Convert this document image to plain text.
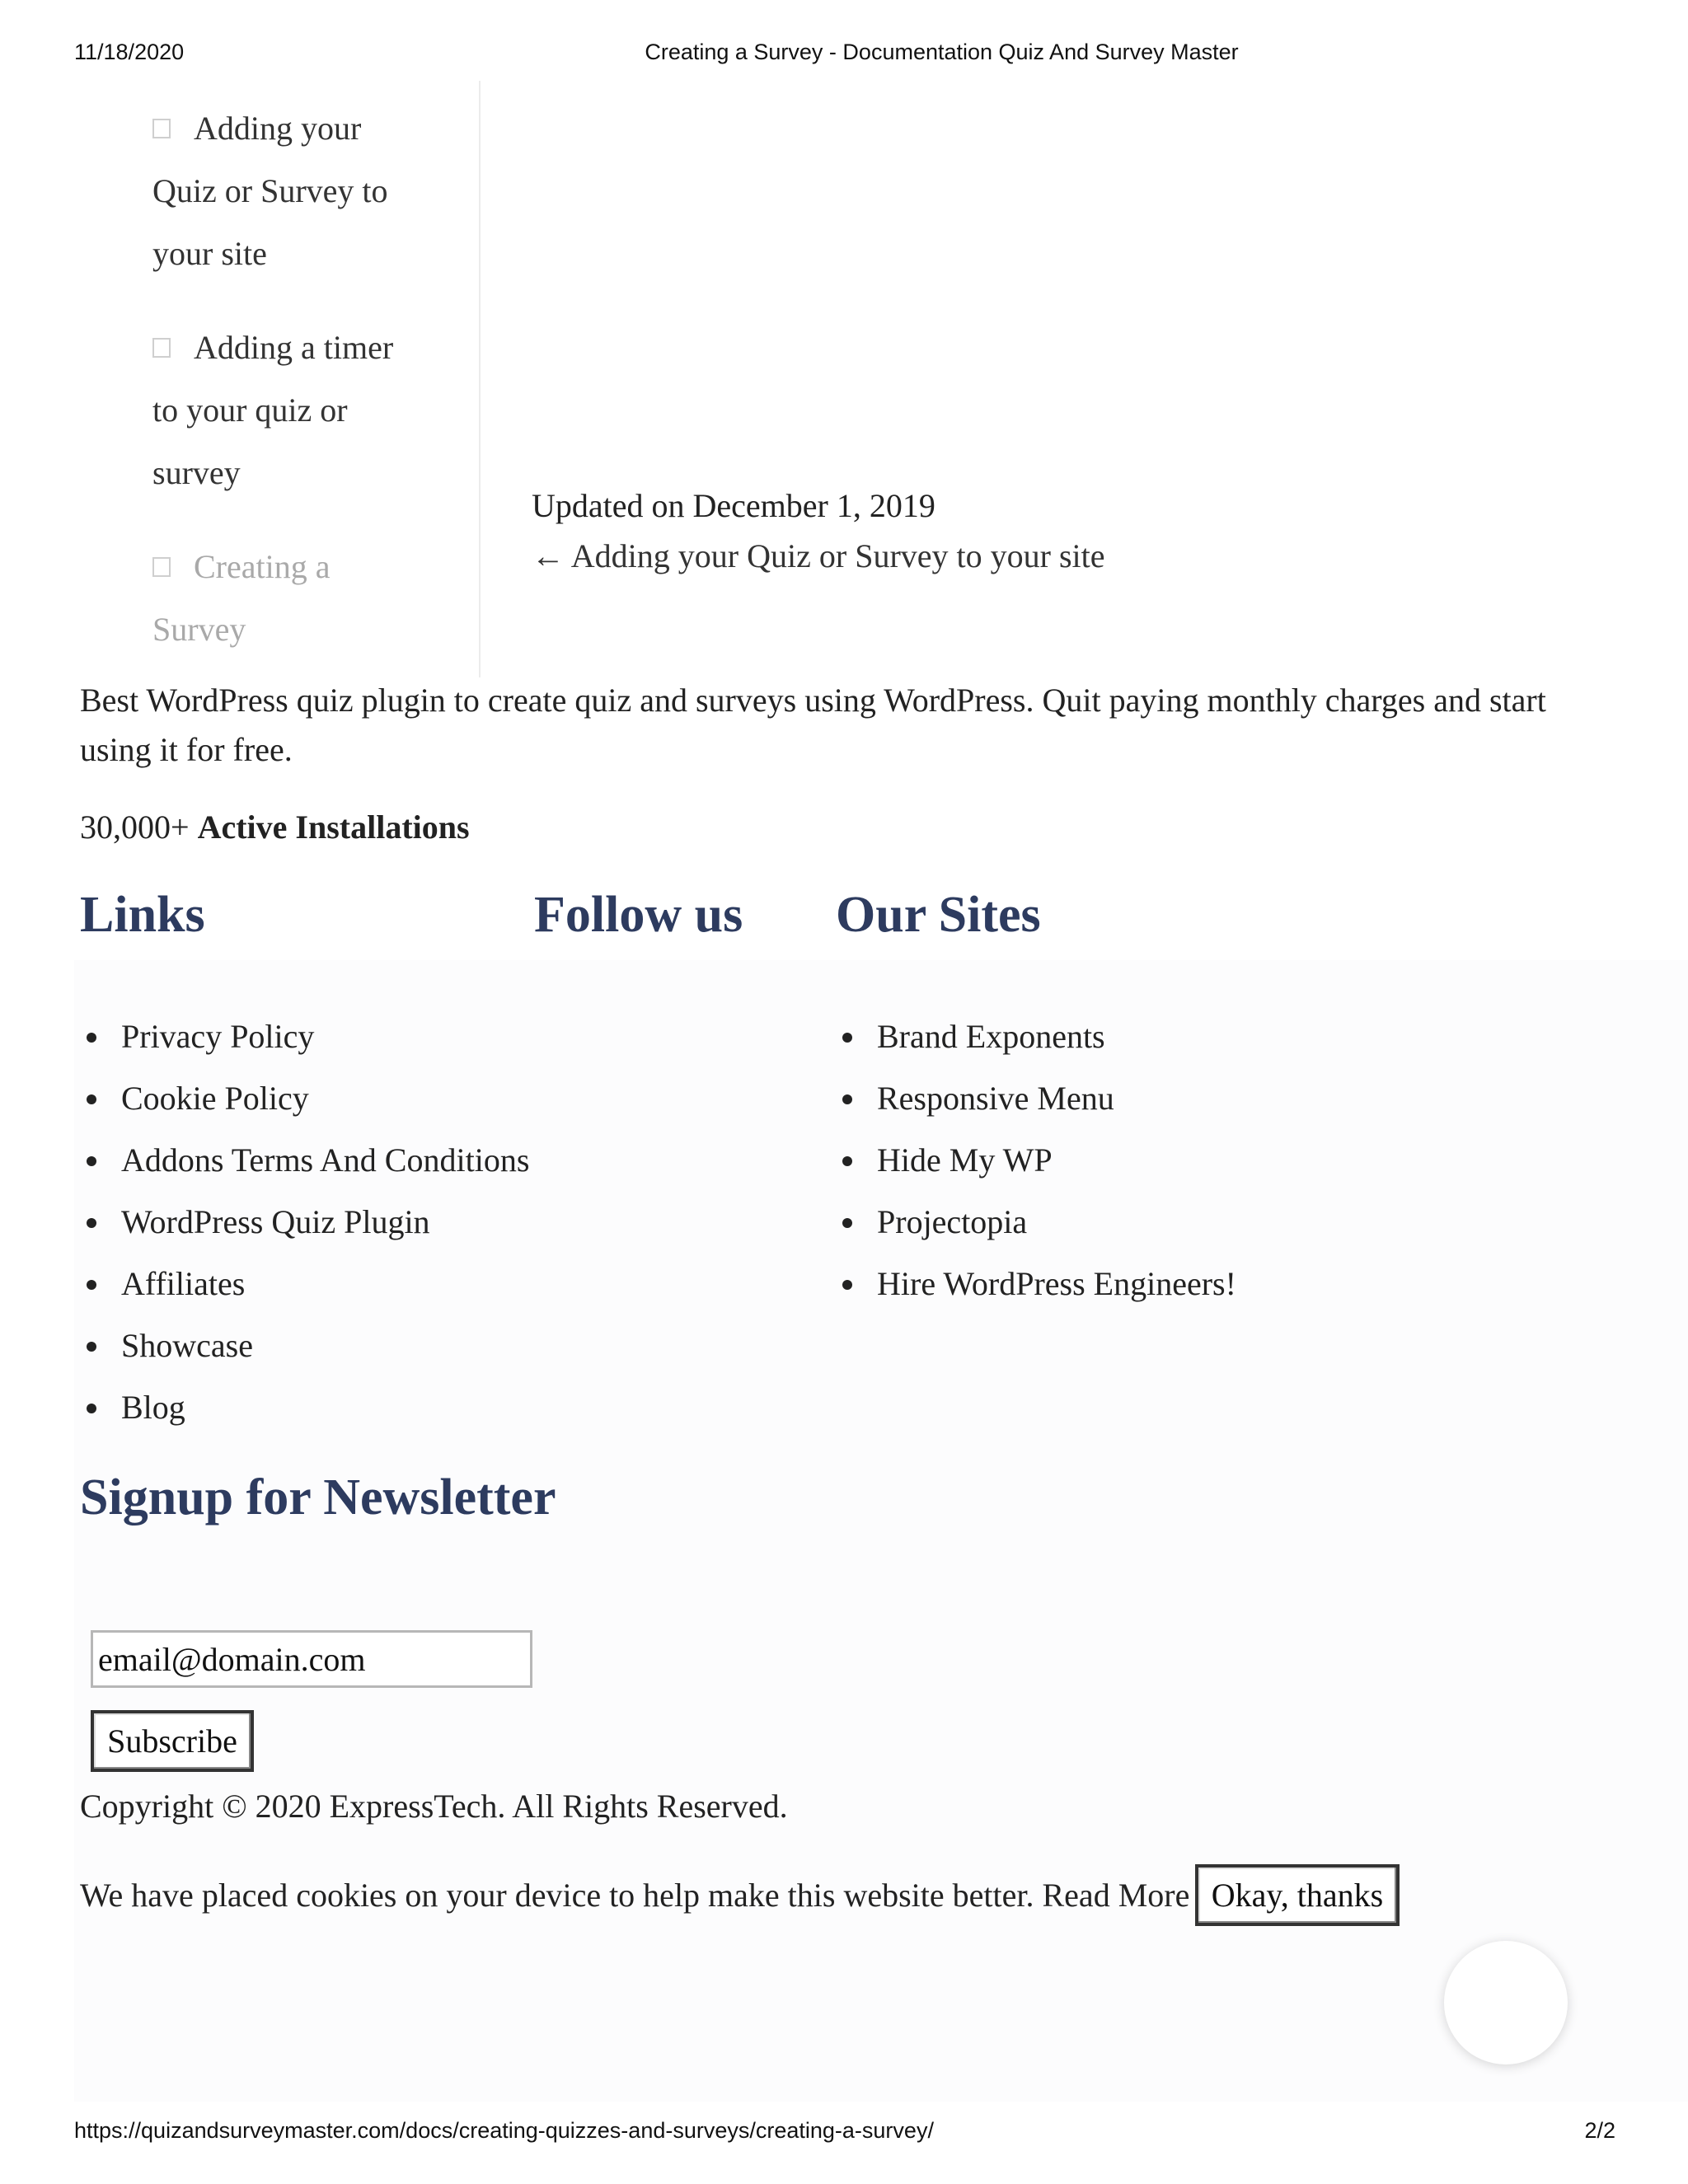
11/18/2020	Creating a Survey - Documentation Quiz And Survey Master
Adding your Quiz or Survey to your site
Adding a timer to your quiz or survey
Creating a Survey
Updated on December 1, 2019
← Adding your Quiz or Survey to your site

Best WordPress quiz plugin to create quiz and surveys using WordPress. Quit paying monthly charges and start using it for free.

30,000+ Active Installations
Links	Follow us Our Sites
Privacy Policy
Cookie Policy
Addons Terms And Conditions
WordPress Quiz Plugin
Affiliates
Showcase
Blog
Brand Exponents
Responsive Menu
Hide My WP
Projectopia
Hire WordPress Engineers!
Signup for Newsletter
email@domain.com
Subscribe
Copyright © 2020 ExpressTech. All Rights Reserved.
We have placed cookies on your device to help make this website better. Read More Okay, thanks
https://quizandsurveymaster.com/docs/creating-quizzes-and-surveys/creating-a-survey/	2/2
